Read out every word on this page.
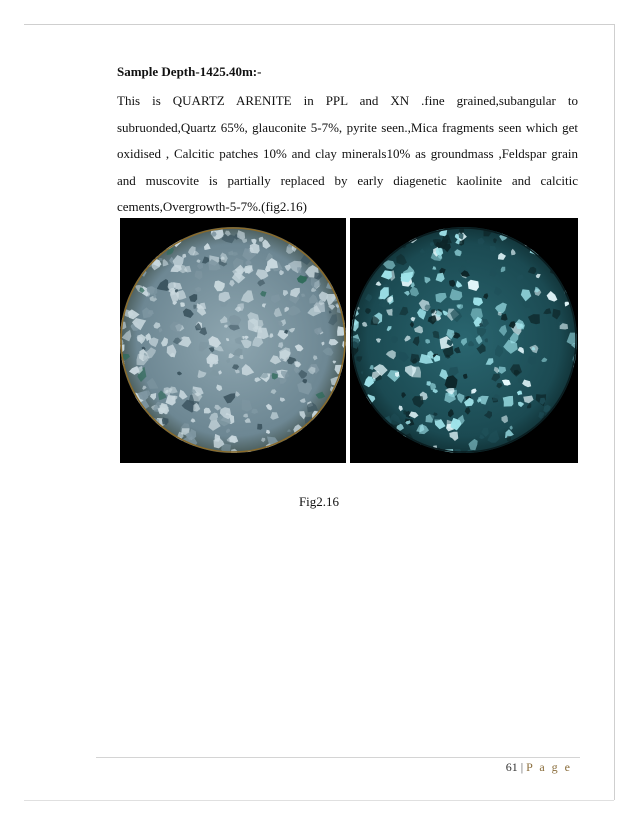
Sample Depth-1425.40m:-

This is QUARTZ ARENITE in PPL and XN .fine grained,subangular to subruonded,Quartz 65%, glauconite 5-7%, pyrite seen.,Mica fragments seen which get oxidised , Calcitic patches 10% and clay minerals10% as groundmass ,Feldspar grain and muscovite is partially replaced by early diagenetic kaolinite and calcitic cements,Overgrowth-5-7%.(fig2.16)

Fig2.16

61 | P a g e
